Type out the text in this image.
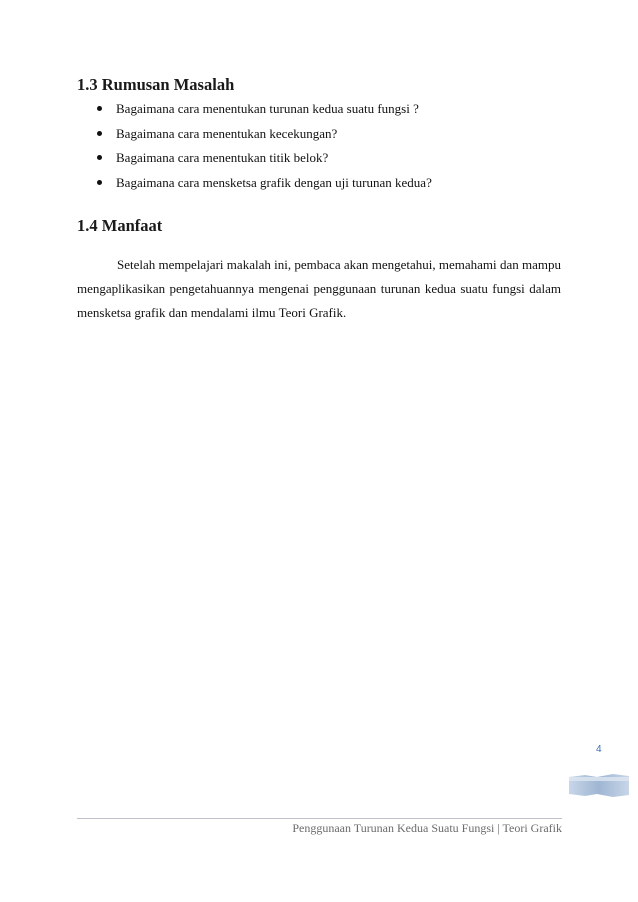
1.3 Rumusan Masalah
Bagaimana cara menentukan turunan kedua suatu fungsi ?
Bagaimana cara menentukan kecekungan?
Bagaimana cara menentukan titik belok?
Bagaimana cara mensketsa grafik dengan uji turunan kedua?
1.4 Manfaat

Setelah mempelajari makalah ini, pembaca akan mengetahui, memahami dan mampu mengaplikasikan pengetahuannya mengenai penggunaan turunan kedua suatu fungsi dalam mensketsa grafik dan mendalami ilmu Teori Grafik.

4
Penggunaan Turunan Kedua Suatu Fungsi | Teori Grafik
